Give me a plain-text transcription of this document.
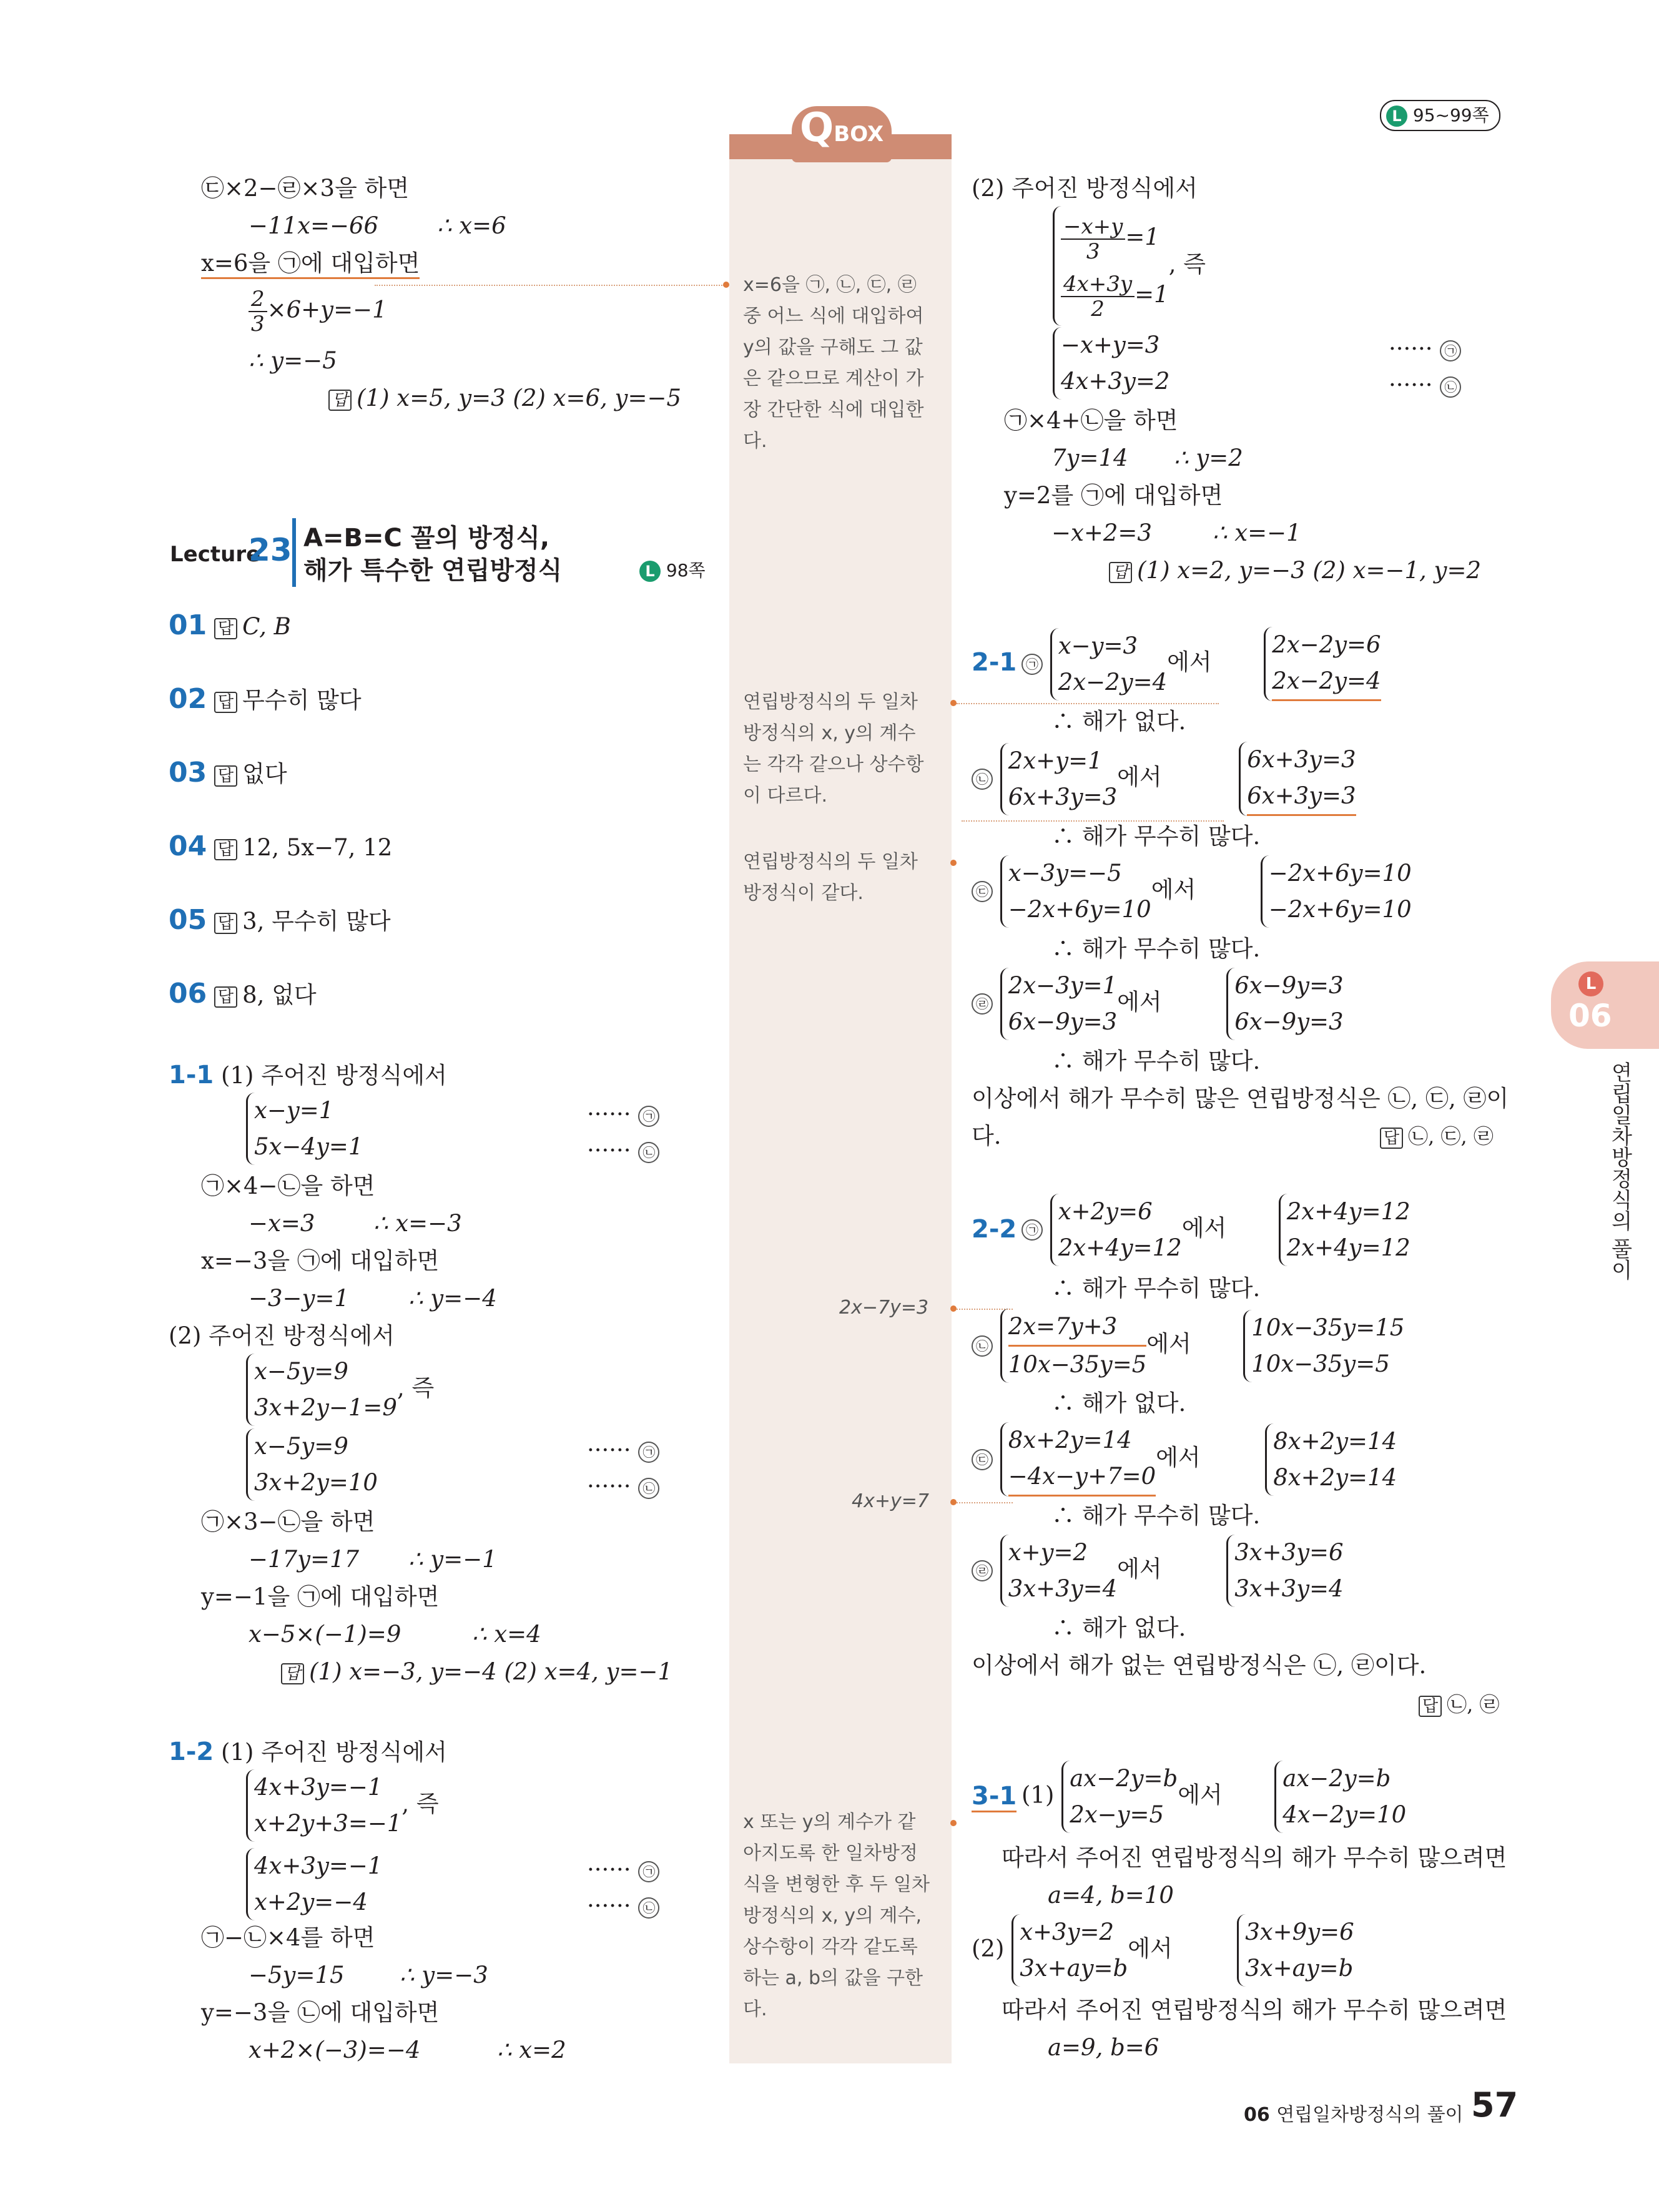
L 95~99쪽
QBOX
x=6을 ㉠, ㉡, ㉢, ㉣
중 어느 식에 대입하여
y의 값을 구해도 그 값
은 같으므로 계산이 가
장 간단한 식에 대입한
다.
연립방정식의 두 일차
방정식의 x, y의 계수
는 각각 같으나 상수항
이 다르다.
연립방정식의 두 일차
방정식이 같다.
2x−7y=3
4x+y=7
x 또는 y의 계수가 같
아지도록 한 일차방정
식을 변형한 후 두 일차
방정식의 x, y의 계수,
상수항이 각각 같도록
하는 a, b의 값을 구한
다.
㉢×2−㉣×3을 하면
−11x=−66	∴ x=6
x=6을 ㉠에 대입하면
$\frac{2}{3} \times 6+y=-1$
∴ y=−5
답 (1) x=5, y=3 (2) x=6, y=−5
Lecture
23 A=B=C 꼴의 방정식,
해가 특수한 연립방정식	L 98쪽
01 답 C, B
02 답 무수히 많다
03 답 없다
04 답 12, 5x−7, 12
05 답 3, 무수히 많다
06 답 8, 없다
1-1 (1) 주어진 방정식에서
x−y=1
5x−4y=1
······ ㉠
······ ㉡
㉠×4−㉡을 하면
−x=3	∴ x=−3
x=−3을 ㉠에 대입하면
−3−y=1	∴ y=−4
(2) 주어진 방정식에서
x−5y=9
3x+2y−1=9
, 즉
x−5y=9
3x+2y=10
······ ㉠
······ ㉡
㉠×3−㉡을 하면
−17y=17 ∴ y=−1
y=−1을 ㉠에 대입하면
x−5×(−1)=9	∴ x=4
답 (1) x=−3, y=−4 (2) x=4, y=−1
1-2 (1) 주어진 방정식에서
4x+3y=−1
x+2y+3=−1
, 즉
4x+3y=−1
x+2y=−4
······ ㉠
······ ㉡
㉠−㉡×4를 하면
−5y=15 ∴ y=−3
y=−3을 ㉡에 대입하면
x+2×(−3)=−4	∴ x=2
(2) 주어진 방정식에서
$\frac{-x+y}{3} =1$
$\frac{4x+3y}{2} =1$
, 즉
−x+y=3
4x+3y=2
······ ㉠
······ ㉡
㉠×4+㉡을 하면
7y=14 ∴ y=2
y=2를 ㉠에 대입하면
−x+2=3	∴ x=−1
답 (1) x=2, y=−3 (2) x=−1, y=2
2-1 ㉠
x−y=3
2x−2y=4
에서
2x−2y=6
2x−2y=4
∴ 해가 없다.
㉡
2x+y=1
6x+3y=3
에서
6x+3y=3
6x+3y=3
∴ 해가 무수히 많다.
㉢
x−3y=−5
−2x+6y=10
에서
−2x+6y=10
−2x+6y=10
∴ 해가 무수히 많다.
㉣
2x−3y=1
6x−9y=3
에서
6x−9y=3
6x−9y=3
∴ 해가 무수히 많다.
이상에서 해가 무수히 많은 연립방정식은 ㉡, ㉢, ㉣이
다.	답 ㉡, ㉢, ㉣
2-2 ㉠
x+2y=6
2x+4y=12
에서
2x+4y=12
2x+4y=12
∴ 해가 무수히 많다.
㉡ $\frac{2x=7y+3}{10x-35y=5}$ 에서
10x−35y=15
10x−35y=5
∴ 해가 없다.
㉢
8x+2y=14
−4x−y+7=0
에서
8x+2y=14
8x+2y=14
∴ 해가 무수히 많다.
㉣
x+y=2
3x+3y=4
에서
3x+3y=6
3x+3y=4
∴ 해가 없다.
이상에서 해가 없는 연립방정식은 ㉡, ㉣이다.
답 ㉡, ㉣
3-1 (1)
ax−2y=b
2x−y=5
에서
ax−2y=b
4x−2y=10
따라서 주어진 연립방정식의 해가 무수히 많으려면
a=4, b=10
(2)
x+3y=2
3x+ay=b
에서
3x+9y=6
3x+ay=b
따라서 주어진 연립방정식의 해가 무수히 많으려면
a=9, b=6
L
06
연립일차방정식의 풀이
06 연립일차방정식의 풀이 57
